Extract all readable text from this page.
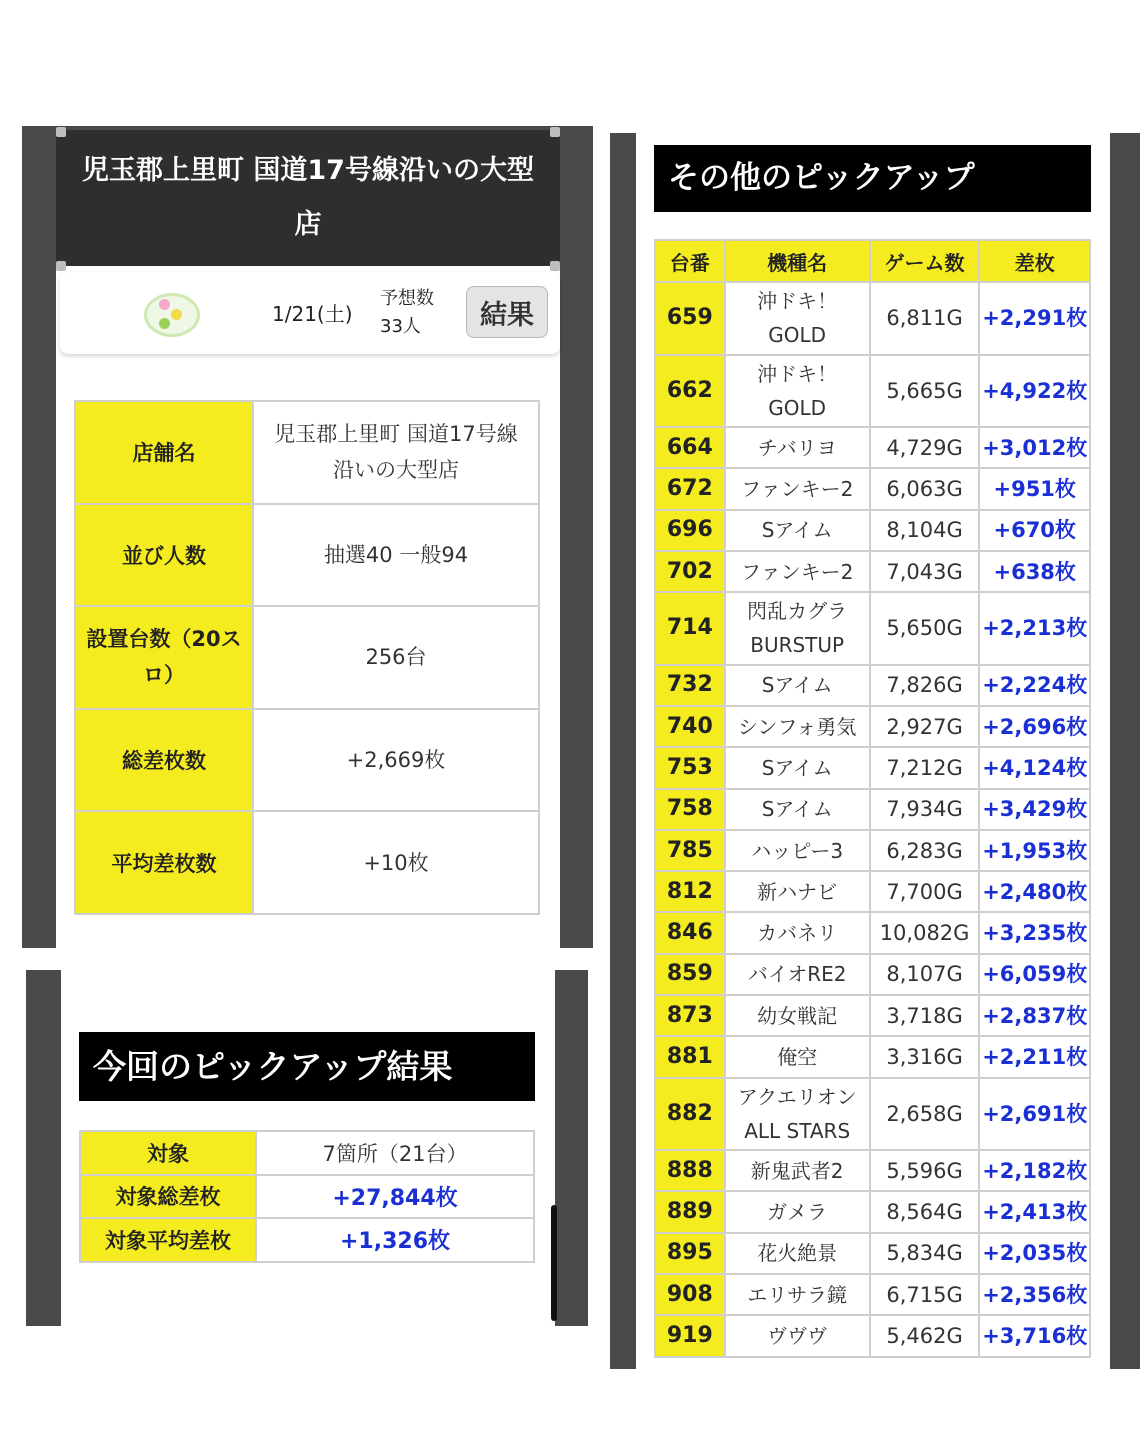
児玉郡上里町 国道17号線沿いの大型
店
1/21(土)
予想数
33人	結果
店舗名	児玉郡上里町 国道17号線
沿いの大型店

並び人数	抽選40 一般94

設置台数（20ス
ロ）	256台
総差枚数	+2,669枚
平均差枚数	+10枚
今回のピックアップ結果
対象	7箇所（21台）
対象総差枚	+27,844枚
対象平均差枚	+1,326枚
その他のピックアップ
台番	機種名	ゲーム数	差枚
659	沖ドキ！
GOLD	6,811G	+2,291枚
662	沖ドキ！
GOLD	5,665G	+4,922枚
664	チバリヨ	4,729G	+3,012枚
672	ファンキー2	6,063G	+951枚
696	Sアイム	8,104G	+670枚
702	ファンキー2	7,043G	+638枚
714	閃乱カグラ
BURSTUP	5,650G	+2,213枚
732	Sアイム	7,826G	+2,224枚
740	シンフォ勇気	2,927G	+2,696枚
753	Sアイム	7,212G	+4,124枚
758	Sアイム	7,934G	+3,429枚
785	ハッピー3	6,283G	+1,953枚
812	新ハナビ	7,700G	+2,480枚
846	カバネリ	10,082G	+3,235枚
859	バイオRE2	8,107G	+6,059枚
873	幼女戦記	3,718G	+2,837枚
881	俺空	3,316G	+2,211枚
882	アクエリオン
ALL STARS	2,658G	+2,691枚
888	新鬼武者2	5,596G	+2,182枚
889	ガメラ	8,564G	+2,413枚
895	花火絶景	5,834G	+2,035枚
908	エリサラ鏡	6,715G	+2,356枚
919	ヴヴヴ	5,462G	+3,716枚
